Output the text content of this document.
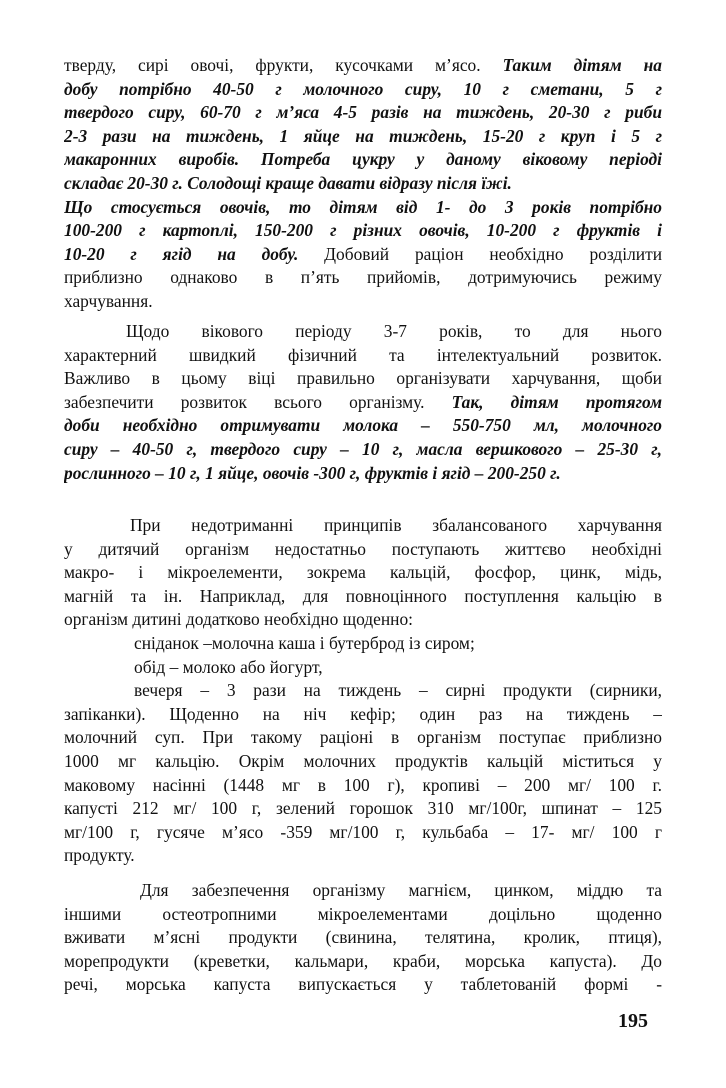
тверду, сирі овочі, фрукти, кусочками м’ясо. Таким дітям на
добу потрібно 40-50 г молочного сиру, 10 г сметани, 5 г
твердого сиру, 60-70 г м’яса 4-5 разів на тиждень, 20-30 г риби
2-3 рази на тиждень, 1 яйце на тиждень, 15-20 г круп і 5 г
макаронних виробів. Потреба цукру у даному віковому періоді
складає 20-30 г. Солодощі краще давати відразу після їжі.
Що стосується овочів, то дітям від 1- до 3 років потрібно
100-200 г картоплі, 150-200 г різних овочів, 10-200 г фруктів і
10-20 г ягід на добу. Добовий раціон необхідно розділити
приблизно однаково в п’ять прийомів, дотримуючись режиму
харчування.
Щодо вікового періоду 3-7 років, то для нього
характерний швидкий фізичний та інтелектуальний розвиток.
Важливо в цьому віці правильно організувати харчування, щоби
забезпечити розвиток всього організму. Так, дітям протягом
доби необхідно отримувати молока – 550-750 мл, молочного
сиру – 40-50 г, твердого сиру – 10 г, масла вершкового – 25-30 г,
рослинного – 10 г, 1 яйце, овочів -300 г, фруктів і ягід – 200-250 г.
При недотриманні принципів збалансованого харчування
у дитячий організм недостатньо поступають життєво необхідні
макро- і мікроелементи, зокрема кальцій, фосфор, цинк, мідь,
магній та ін. Наприклад, для повноцінного поступлення кальцію в
організм дитині додатково необхідно щоденно:
сніданок –молочна каша і бутерброд із сиром;
обід – молоко або йогурт,
вечеря – 3 рази на тиждень – сирні продукти (сирники,
запіканки). Щоденно на ніч кефір; один раз на тиждень –
молочний суп. При такому раціоні в організм поступає приблизно
1000 мг кальцію. Окрім молочних продуктів кальцій міститься у
маковому насінні (1448 мг в 100 г), кропиві – 200 мг/ 100 г.
капусті 212 мг/ 100 г, зелений горошок 310 мг/100г, шпинат – 125
мг/100 г, гусяче м’ясо -359 мг/100 г, кульбаба – 17- мг/ 100 г
продукту.
Для забезпечення організму магнієм, цинком, міддю та
іншими остеотропними мікроелементами доцільно щоденно
вживати м’ясні продукти (свинина, телятина, кролик, птиця),
морепродукти (креветки, кальмари, краби, морська капуста). До
речі, морська капуста випускається у таблетованій формі -
195
